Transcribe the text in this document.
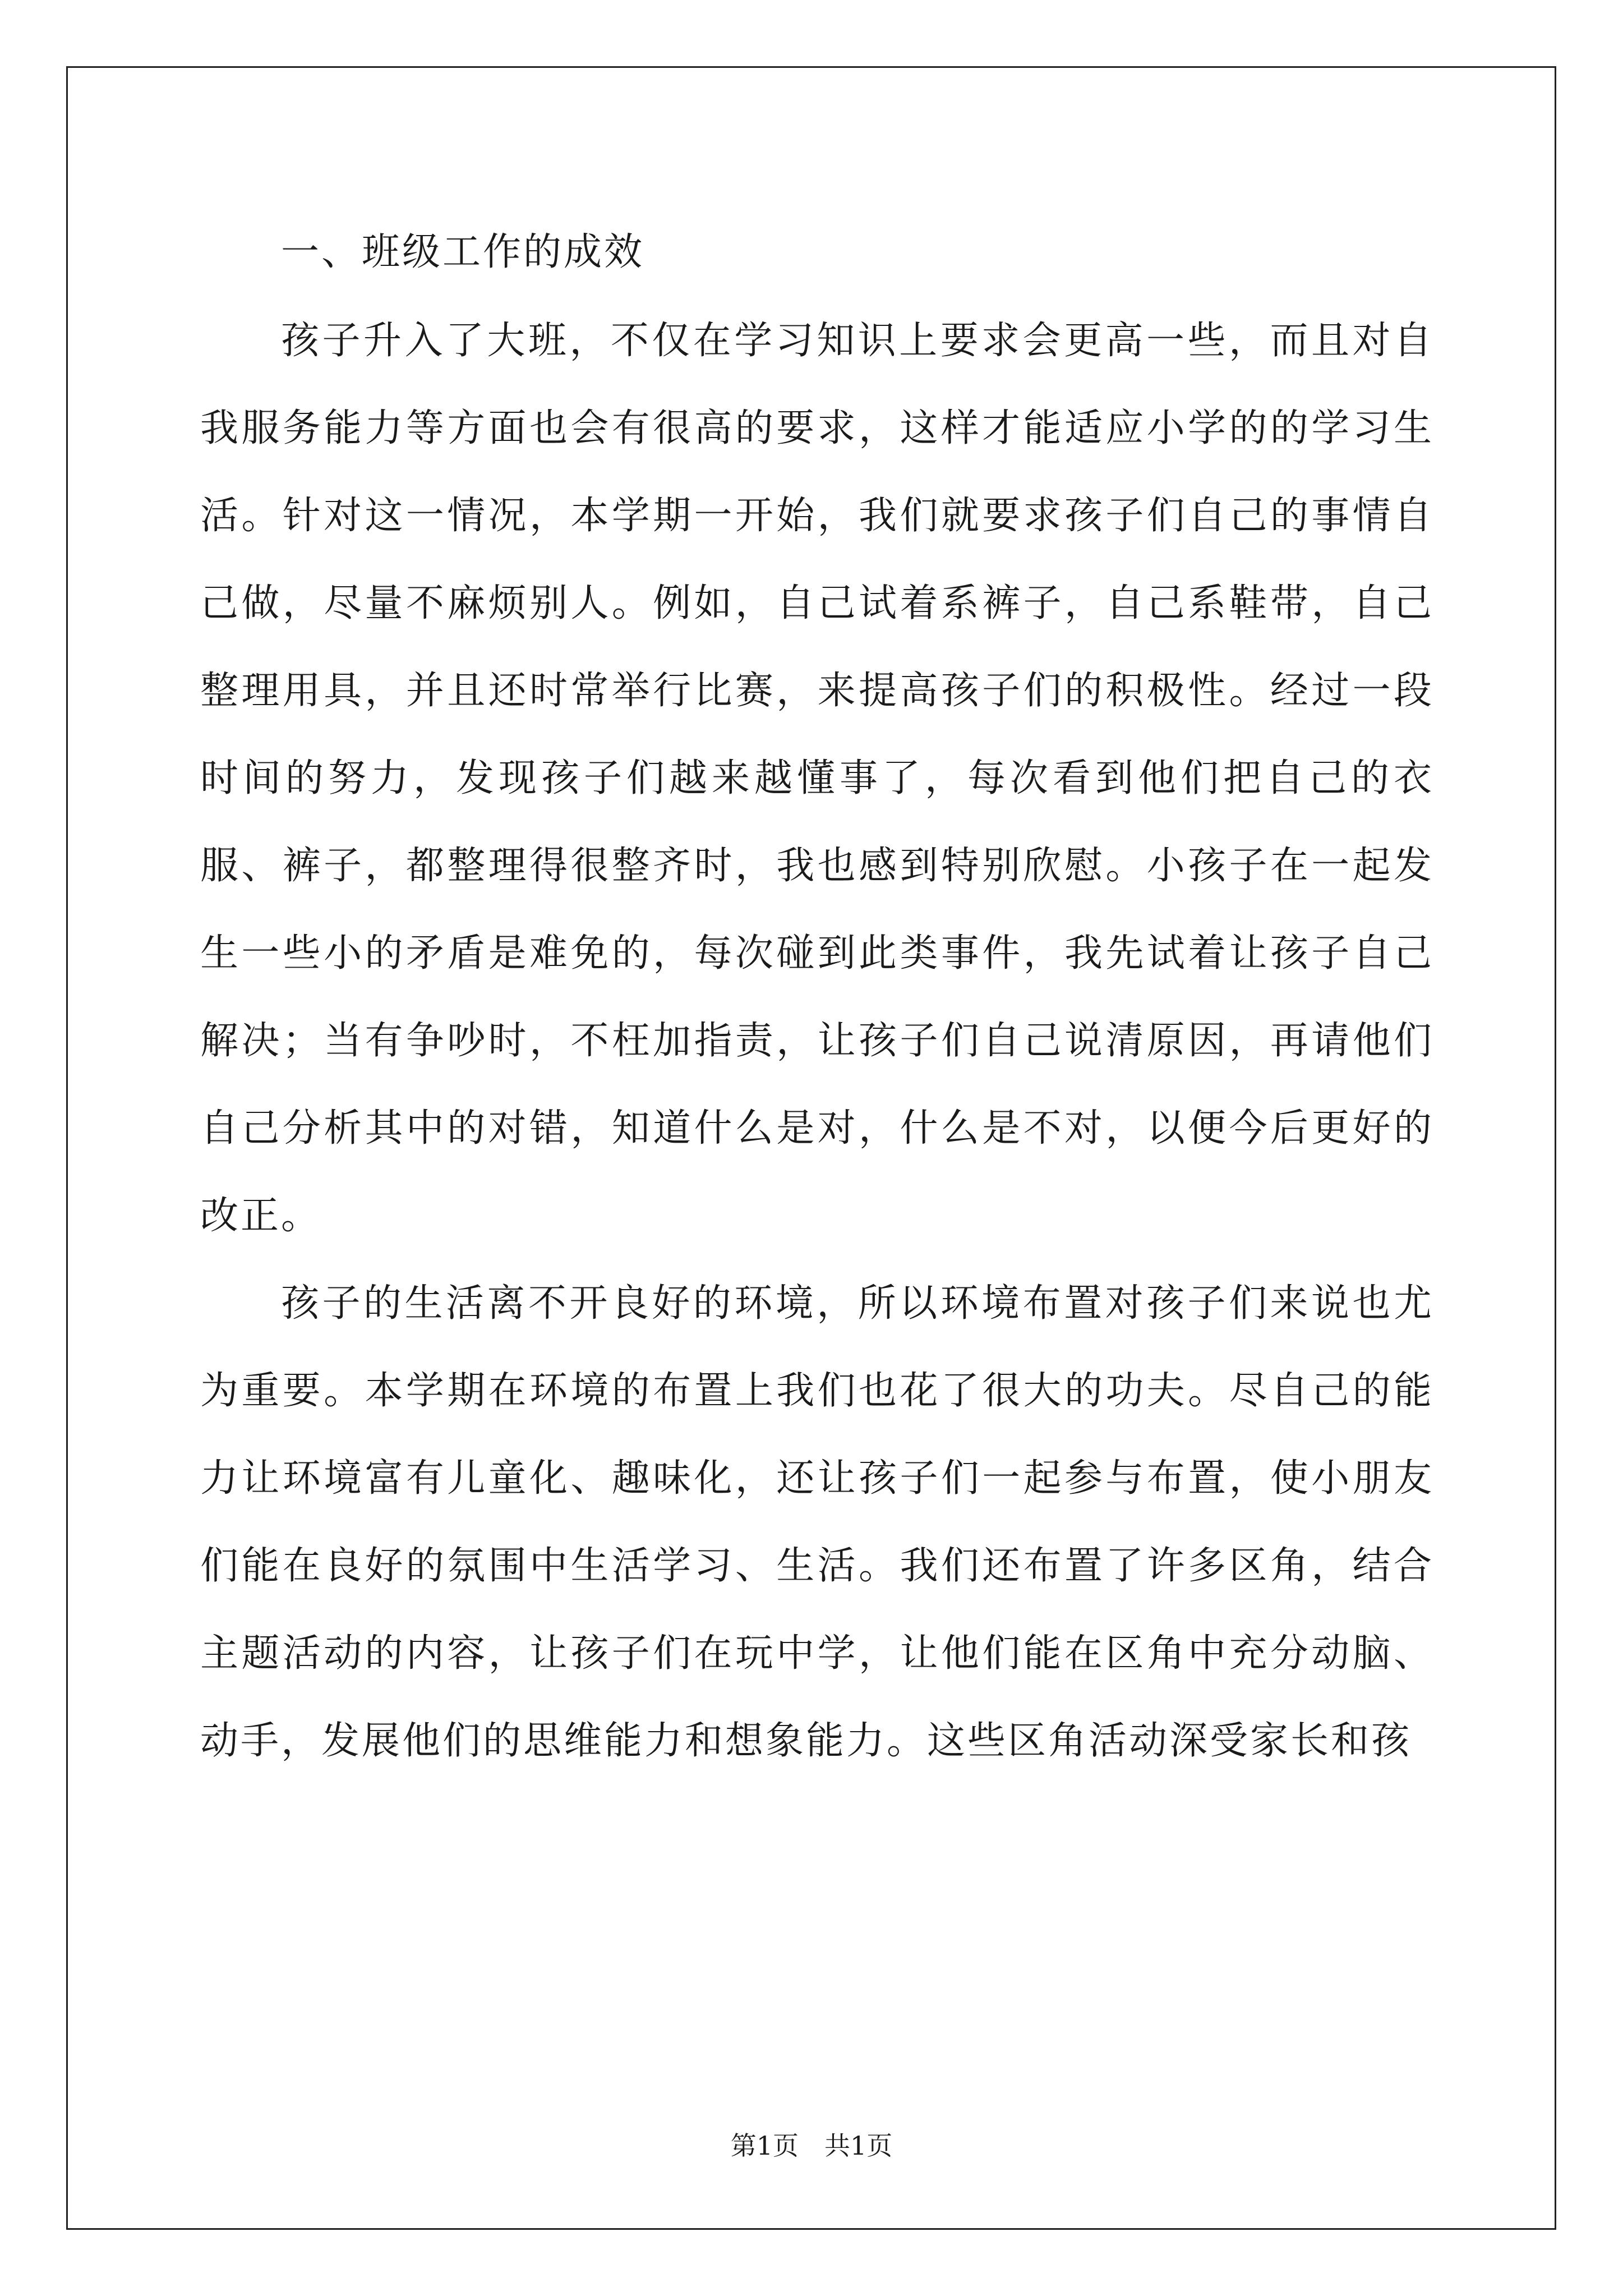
一、班级工作的成效

孩子升入了大班，不仅在学习知识上要求会更高一些，而且对自我服务能力等方面也会有很高的要求，这样才能适应小学的的学习生活。针对这一情况，本学期一开始，我们就要求孩子们自己的事情自己做，尽量不麻烦别人。例如，自己试着系裤子，自己系鞋带，自己整理用具，并且还时常举行比赛，来提高孩子们的积极性。经过一段时间的努力，发现孩子们越来越懂事了，每次看到他们把自己的衣服、裤子，都整理得很整齐时，我也感到特别欣慰。小孩子在一起发生一些小的矛盾是难免的，每次碰到此类事件，我先试着让孩子自己解决；当有争吵时，不枉加指责，让孩子们自己说清原因，再请他们自己分析其中的对错，知道什么是对，什么是不对，以便今后更好的改正。

孩子的生活离不开良好的环境，所以环境布置对孩子们来说也尤为重要。本学期在环境的布置上我们也花了很大的功夫。尽自己的能力让环境富有儿童化、趣味化，还让孩子们一起参与布置，使小朋友们能在良好的氛围中生活学习、生活。我们还布置了许多区角，结合主题活动的内容，让孩子们在玩中学，让他们能在区角中充分动脑、动手，发展他们的思维能力和想象能力。这些区角活动深受家长和孩

第1页　共1页
